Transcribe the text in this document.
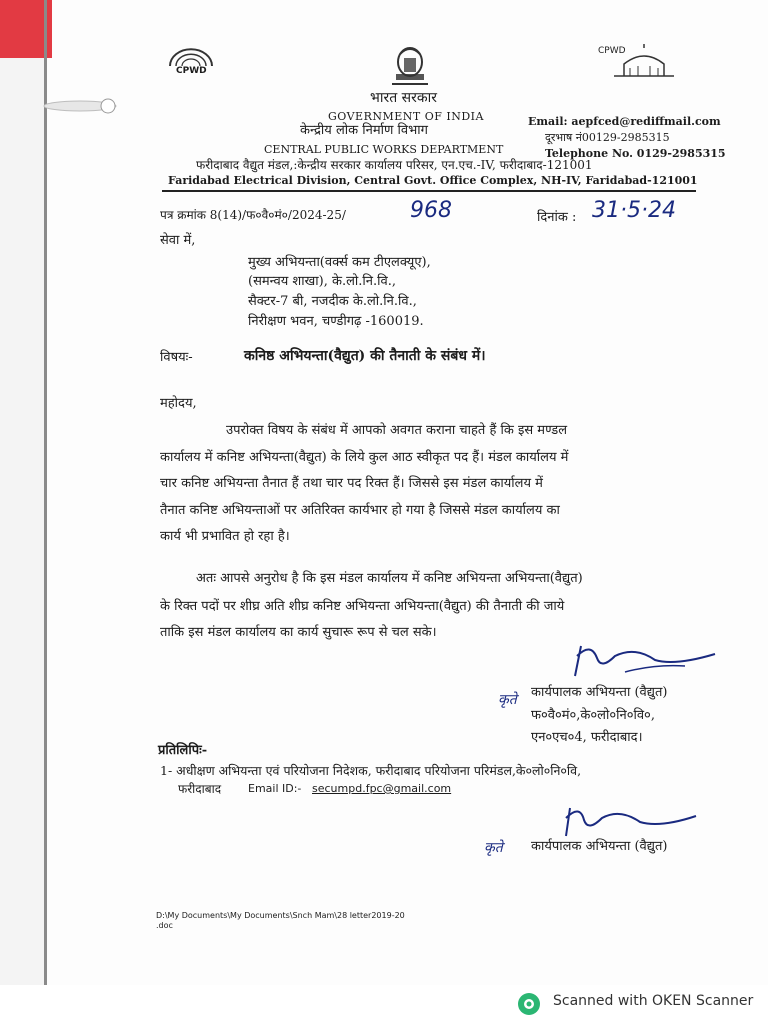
CPWD
CPWD
भारत सरकार
GOVERNMENT OF INDIA
केन्द्रीय लोक निर्माण विभाग
CENTRAL PUBLIC WORKS DEPARTMENT
Email: aepfced@rediffmail.com
दूरभाष नं00129-2985315
Telephone No. 0129-2985315
फरीदाबाद वैद्युत मंडल,:केन्द्रीय सरकार कार्यालय परिसर, एन.एच.-IV, फरीदाबाद-121001
Faridabad Electrical Division, Central Govt. Office Complex, NH-IV, Faridabad-121001
पत्र क्रमांक 8(14)/फ०वै०मं०/2024-25/	968	दिनांक : 31·5·24
सेवा में,
मुख्य अभियन्ता(वर्क्स कम टीएलक्यूए),
(समन्वय शाखा), के.लो.नि.वि.,
सैक्टर-7 बी, नजदीक के.लो.नि.वि.,
निरीक्षण भवन, चण्डीगढ़ -160019.
विषयः-	कनिष्ठ अभियन्ता(वैद्युत) की तैनाती के संबंध में।
महोदय,
उपरोक्त विषय के संबंध में आपको अवगत कराना चाहते हैं कि इस मण्डल
कार्यालय में कनिष्ट अभियन्ता(वैद्युत) के लिये कुल आठ स्वीकृत पद हैं। मंडल कार्यालय में
चार कनिष्ट अभियन्ता तैनात हैं तथा चार पद रिक्त हैं। जिससे इस मंडल कार्यालय में
तैनात कनिष्ट अभियन्ताओं पर अतिरिक्त कार्यभार हो गया है जिससे मंडल कार्यालय का
कार्य भी प्रभावित हो रहा है।
अतः आपसे अनुरोध है कि इस मंडल कार्यालय में कनिष्ट अभियन्ता अभियन्ता(वैद्युत)
के रिक्त पदों पर शीघ्र अति शीघ्र कनिष्ट अभियन्ता अभियन्ता(वैद्युत) की तैनाती की जाये
ताकि इस मंडल कार्यालय का कार्य सुचारू रूप से चल सके।
कृते कार्यपालक अभियन्ता (वैद्युत)
फ०वै०मं०,के०लो०नि०वि०,
एन०एच०4, फरीदाबाद।
प्रतिलिपिः-
1- अधीक्षण अभियन्ता एवं परियोजना निदेशक, फरीदाबाद परियोजना परिमंडल,के०लो०नि०वि,
फरीदाबाद Email ID:- secumpd.fpc@gmail.com
कृते कार्यपालक अभियन्ता (वैद्युत)
D:\My Documents\My Documents\Snch Mam\28 letter2019-20
.doc
Scanned with OKEN Scanner
